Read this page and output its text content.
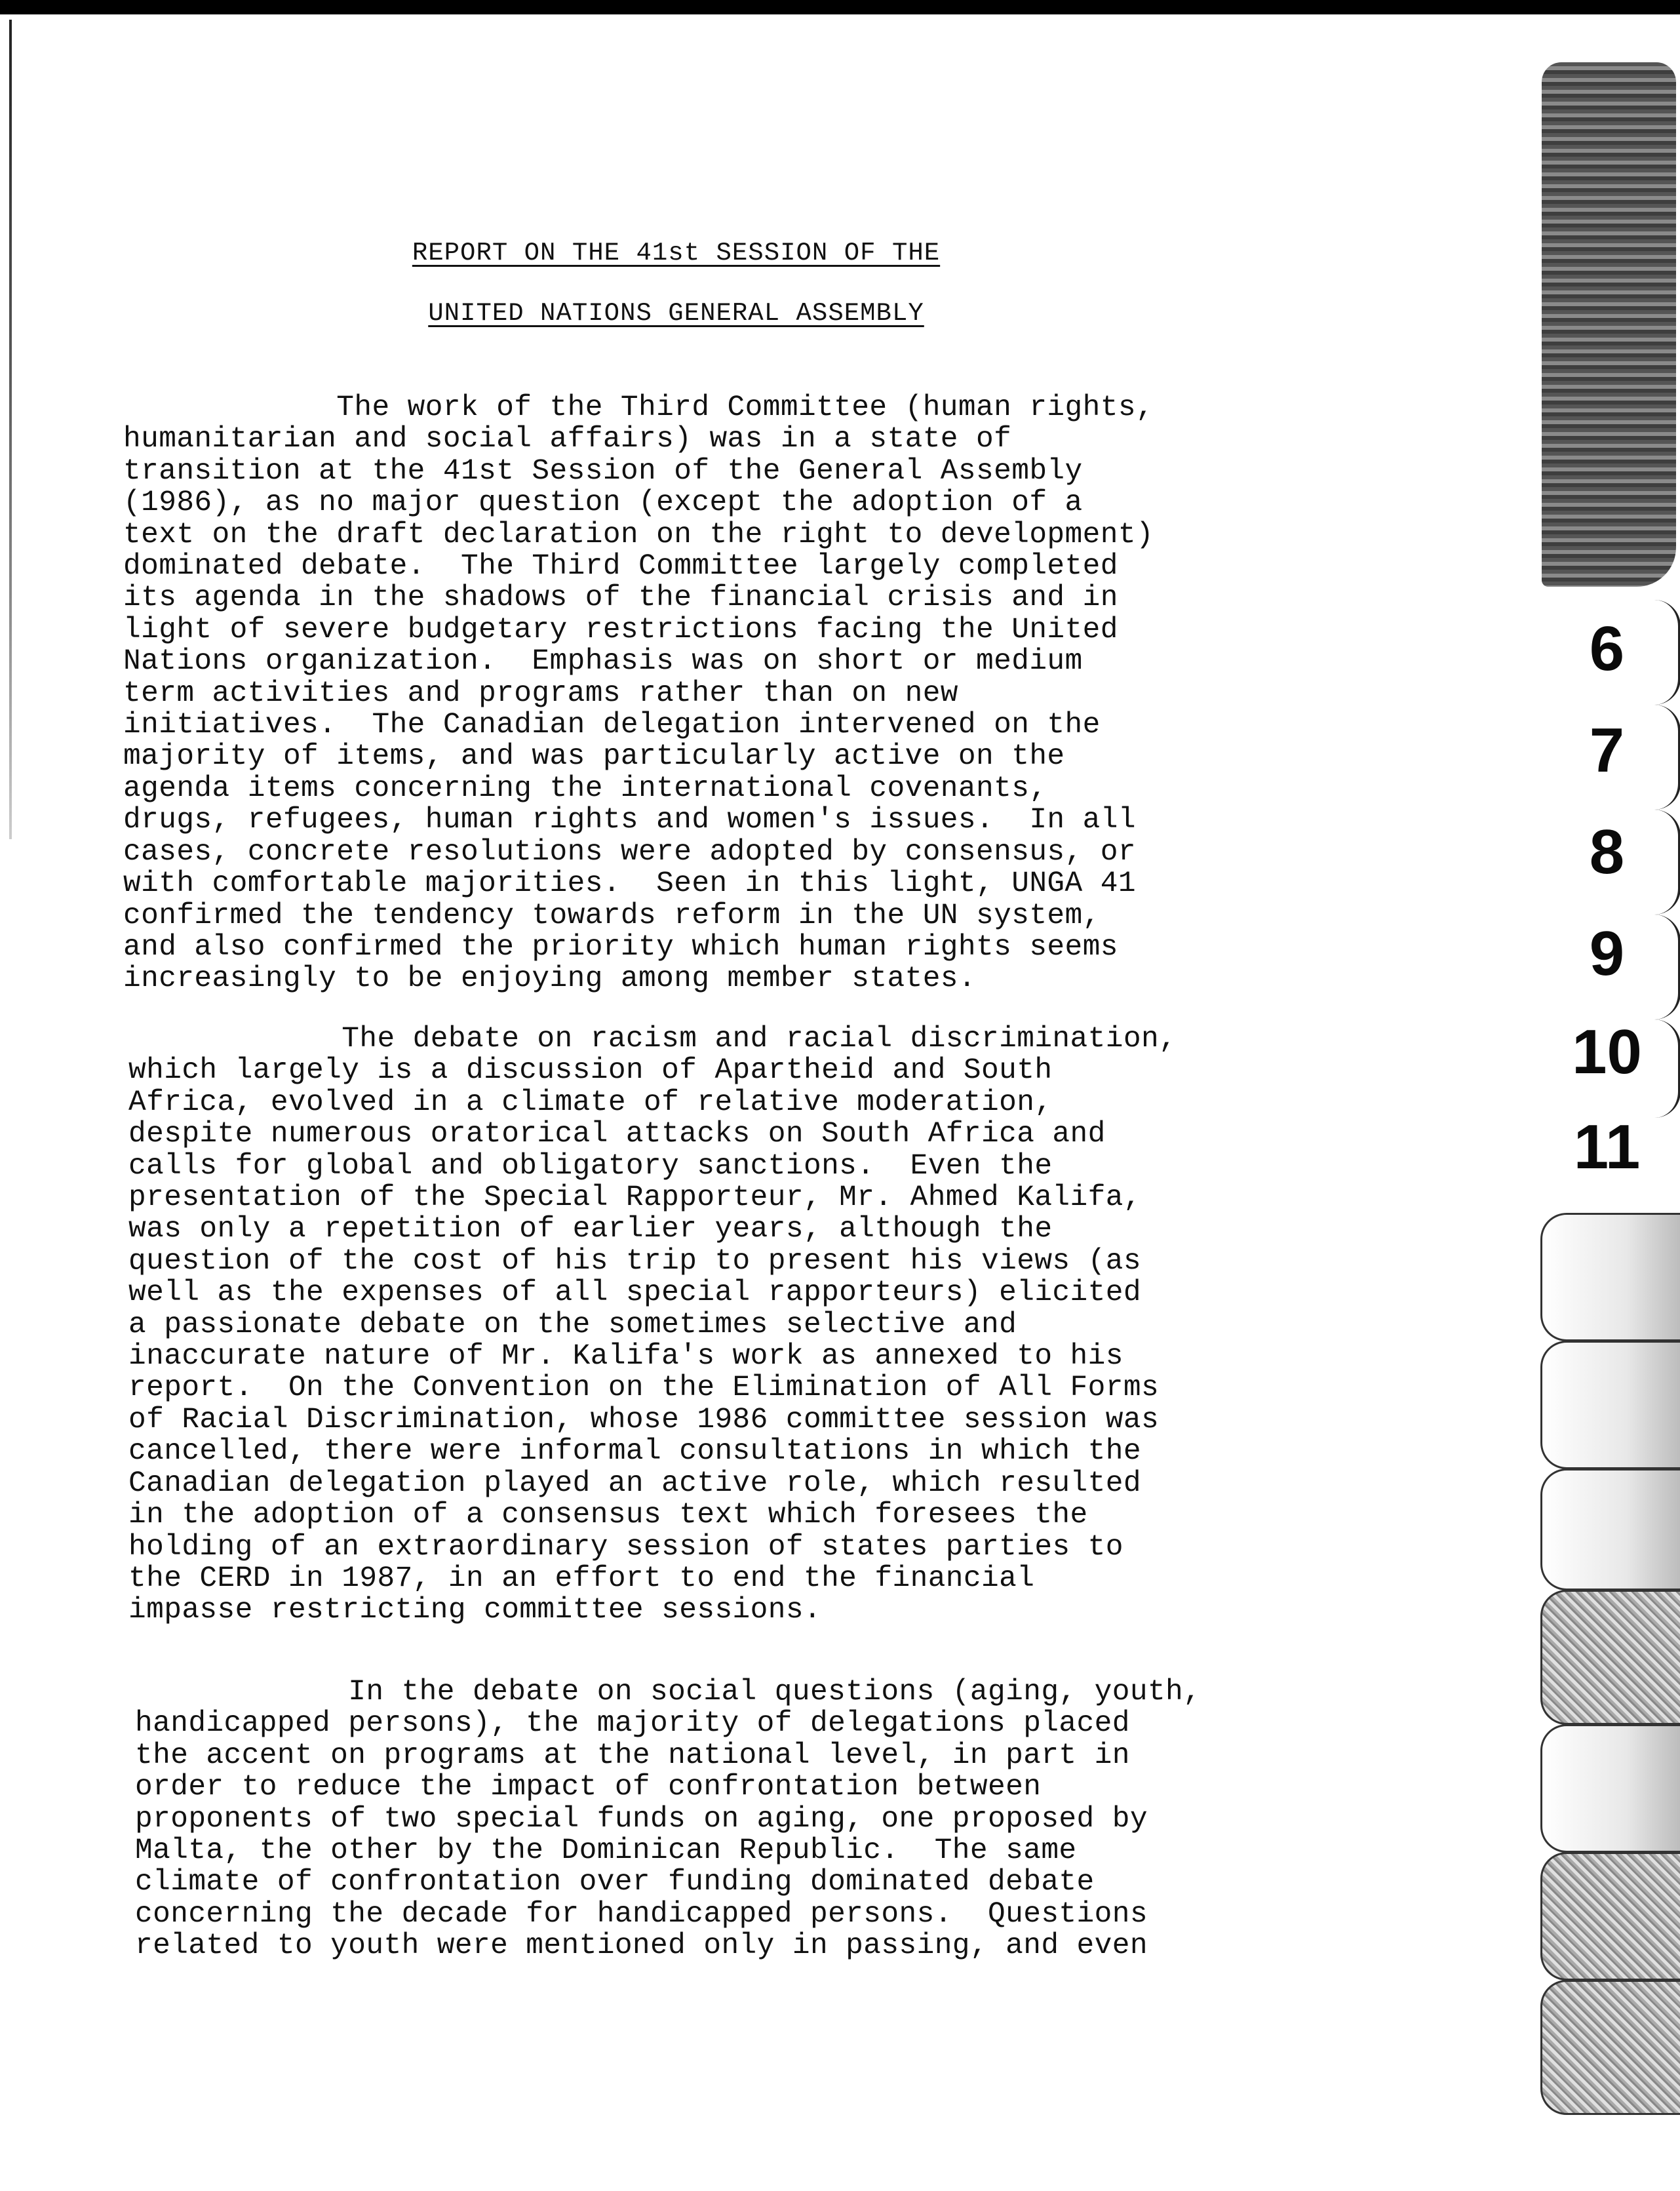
REPORT ON THE 41st SESSION OF THE
UNITED NATIONS GENERAL ASSEMBLY
The work of the Third Committee (human rights,
humanitarian and social affairs) was in a state of
transition at the 41st Session of the General Assembly
(1986), as no major question (except the adoption of a
text on the draft declaration on the right to development)
dominated debate.  The Third Committee largely completed
its agenda in the shadows of the financial crisis and in
light of severe budgetary restrictions facing the United
Nations organization.  Emphasis was on short or medium
term activities and programs rather than on new
initiatives.  The Canadian delegation intervened on the
majority of items, and was particularly active on the
agenda items concerning the international covenants,
drugs, refugees, human rights and women's issues.  In all
cases, concrete resolutions were adopted by consensus, or
with comfortable majorities.  Seen in this light, UNGA 41
confirmed the tendency towards reform in the UN system,
and also confirmed the priority which human rights seems
increasingly to be enjoying among member states.
The debate on racism and racial discrimination,
which largely is a discussion of Apartheid and South
Africa, evolved in a climate of relative moderation,
despite numerous oratorical attacks on South Africa and
calls for global and obligatory sanctions.  Even the
presentation of the Special Rapporteur, Mr. Ahmed Kalifa,
was only a repetition of earlier years, although the
question of the cost of his trip to present his views (as
well as the expenses of all special rapporteurs) elicited
a passionate debate on the sometimes selective and
inaccurate nature of Mr. Kalifa's work as annexed to his
report.  On the Convention on the Elimination of All Forms
of Racial Discrimination, whose 1986 committee session was
cancelled, there were informal consultations in which the
Canadian delegation played an active role, which resulted
in the adoption of a consensus text which foresees the
holding of an extraordinary session of states parties to
the CERD in 1987, in an effort to end the financial
impasse restricting committee sessions.
In the debate on social questions (aging, youth,
handicapped persons), the majority of delegations placed
the accent on programs at the national level, in part in
order to reduce the impact of confrontation between
proponents of two special funds on aging, one proposed by
Malta, the other by the Dominican Republic.  The same
climate of confrontation over funding dominated debate
concerning the decade for handicapped persons.  Questions
related to youth were mentioned only in passing, and even
6
7
8
9
10
11
